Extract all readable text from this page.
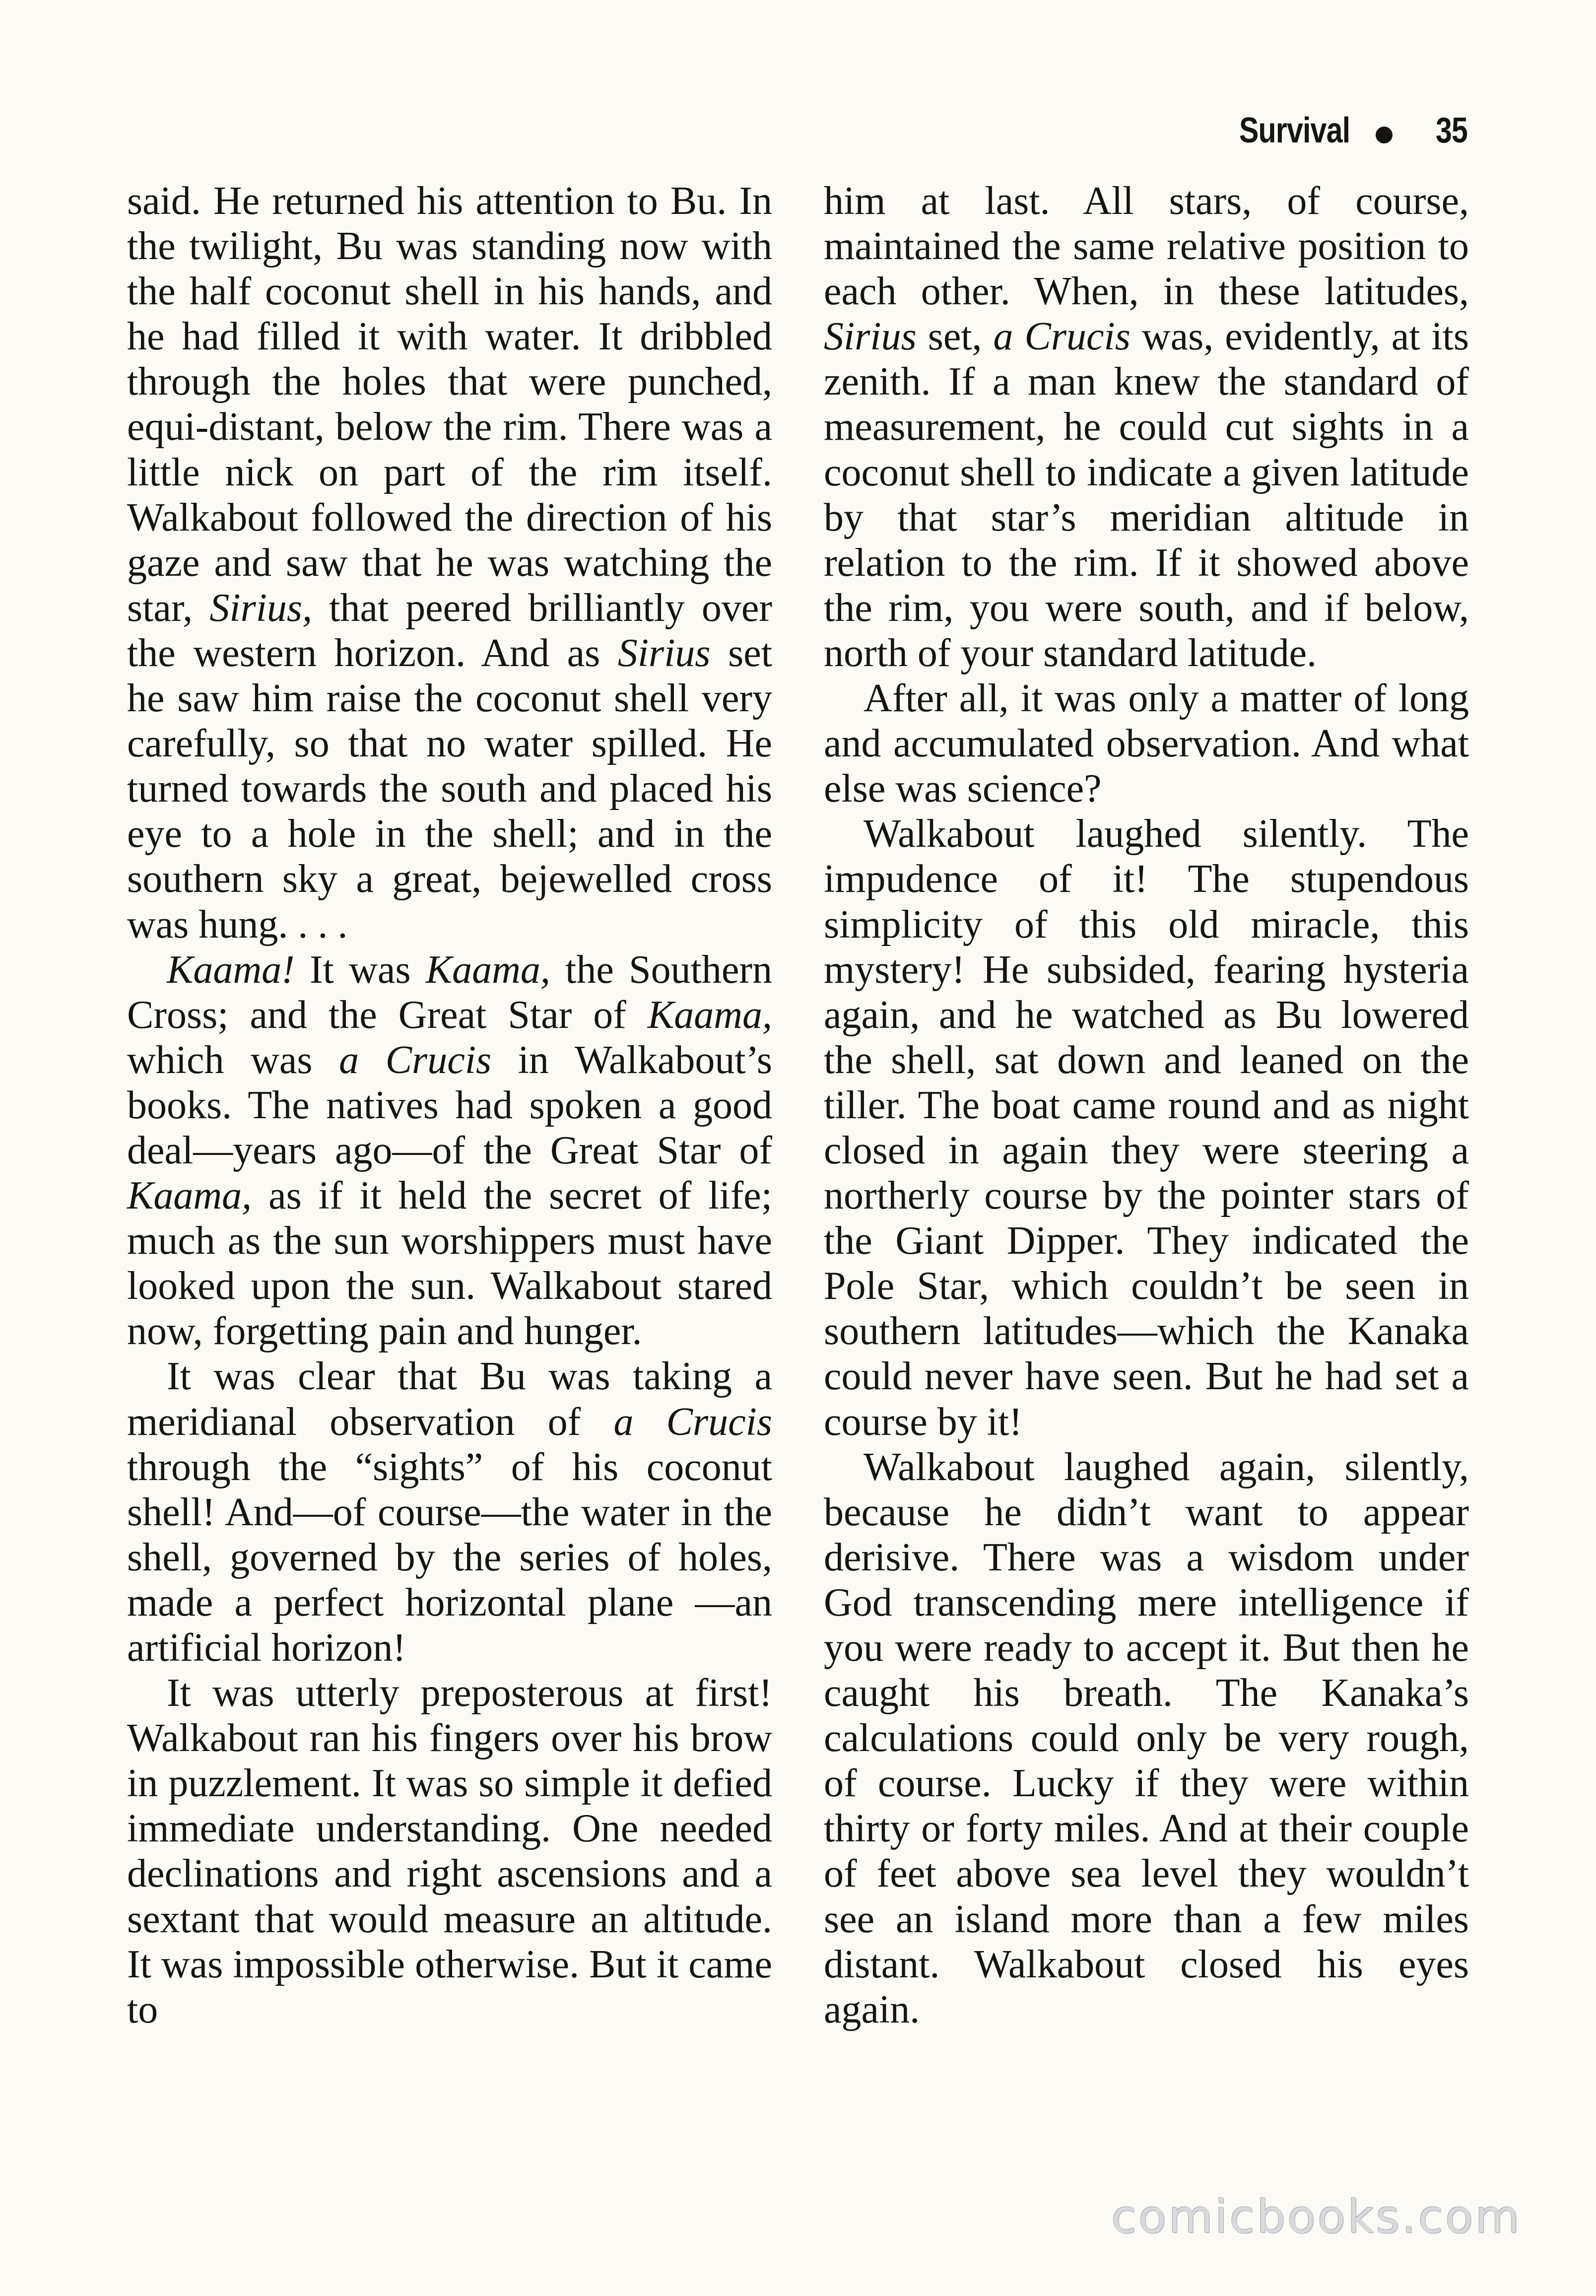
Survival 35

said. He returned his attention to Bu. In the twilight, Bu was standing now with the half coconut shell in his hands, and he had filled it with water. It dribbled through the holes that were punched, equi-distant, below the rim. There was a little nick on part of the rim itself. Walkabout followed the direction of his gaze and saw that he was watching the star, Sirius, that peered brilliantly over the western horizon. And as Sirius set he saw him raise the coconut shell very carefully, so that no water spilled. He turned towards the south and placed his eye to a hole in the shell; and in the southern sky a great, bejewelled cross was hung. . . .

Kaama! It was Kaama, the Southern Cross; and the Great Star of Kaama, which was a Crucis in Walkabout’s books. The natives had spoken a good deal—years ago—of the Great Star of Kaama, as if it held the secret of life; much as the sun worshippers must have looked upon the sun. Walkabout stared now, forgetting pain and hunger.

It was clear that Bu was taking a meridianal observation of a Crucis through the “sights” of his coconut shell! And—of course—the water in the shell, governed by the series of holes, made a perfect horizontal plane —an artificial horizon!

It was utterly preposterous at first! Walkabout ran his fingers over his brow in puzzlement. It was so simple it defied immediate understanding. One needed declinations and right ascensions and a sextant that would measure an altitude. It was impossible otherwise. But it came to

him at last. All stars, of course, maintained the same relative position to each other. When, in these latitudes, Sirius set, a Crucis was, evidently, at its zenith. If a man knew the standard of measurement, he could cut sights in a coconut shell to indicate a given latitude by that star’s meridian altitude in relation to the rim. If it showed above the rim, you were south, and if below, north of your standard latitude.

After all, it was only a matter of long and accumulated observation. And what else was science?

Walkabout laughed silently. The impudence of it! The stupendous simplicity of this old miracle, this mystery! He subsided, fearing hysteria again, and he watched as Bu lowered the shell, sat down and leaned on the tiller. The boat came round and as night closed in again they were steering a northerly course by the pointer stars of the Giant Dipper. They indicated the Pole Star, which couldn’t be seen in southern latitudes—which the Kanaka could never have seen. But he had set a course by it!

Walkabout laughed again, silently, because he didn’t want to appear derisive. There was a wisdom under God transcending mere intelligence if you were ready to accept it. But then he caught his breath. The Kanaka’s calculations could only be very rough, of course. Lucky if they were within thirty or forty miles. And at their couple of feet above sea level they wouldn’t see an island more than a few miles distant. Walkabout closed his eyes again.

comicbooks.com
